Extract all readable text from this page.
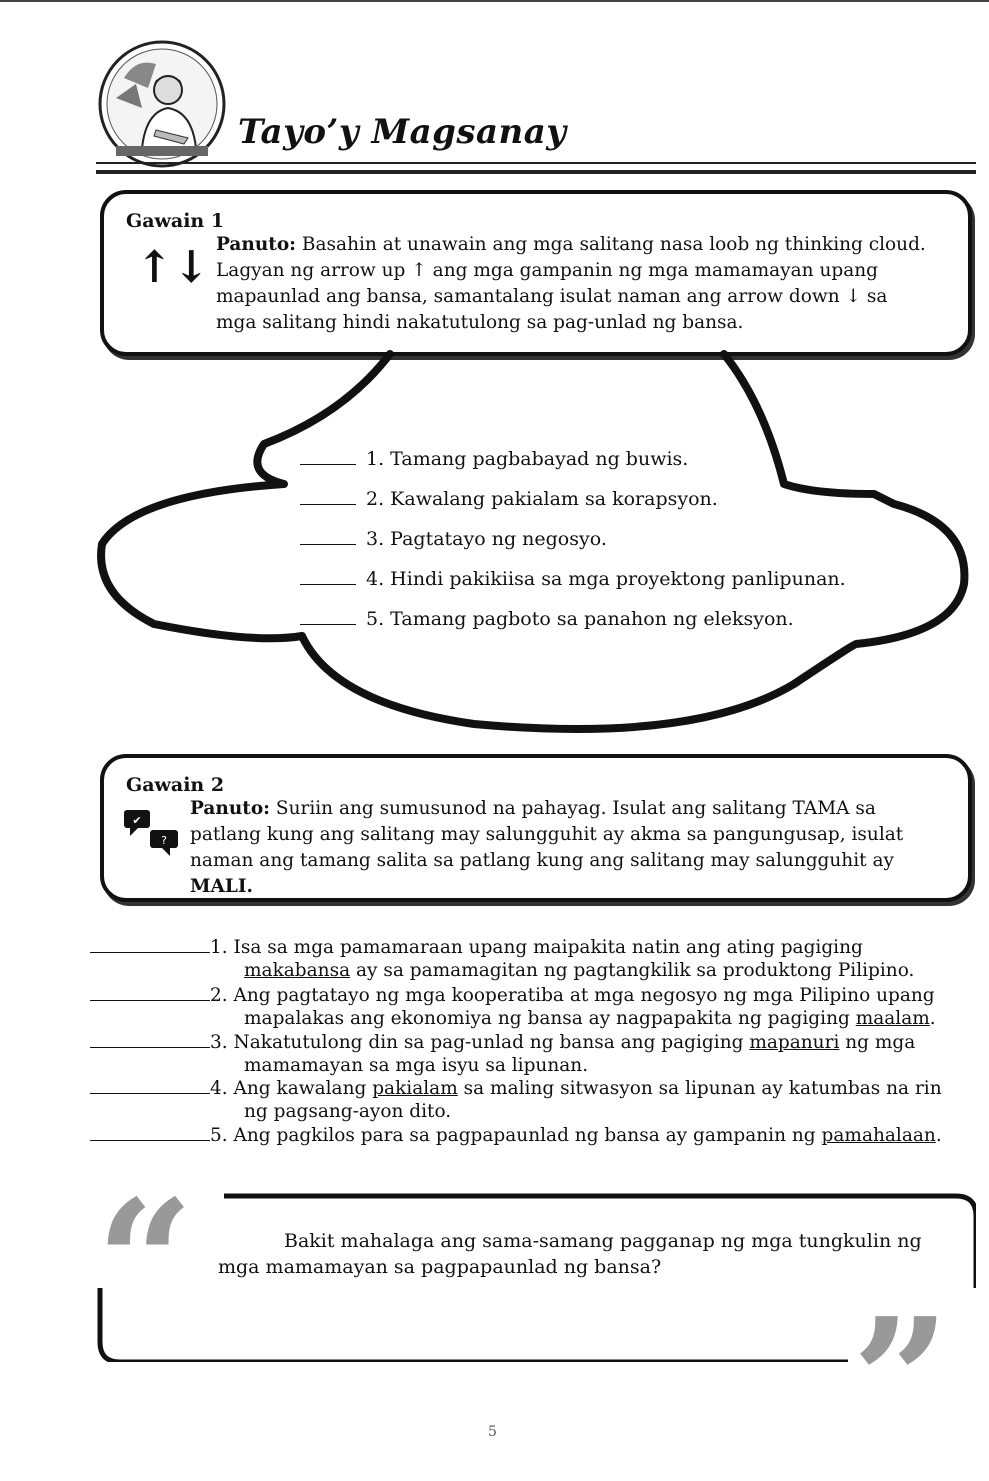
Tayo’y Magsanay
Gawain 1
↑↓ Panuto: Basahin at unawain ang mga salitang nasa loob ng thinking cloud.
Lagyan ng arrow up ↑ ang mga gampanin ng mga mamamayan upang
mapaunlad ang bansa, samantalang isulat naman ang arrow down ↓ sa
mga salitang hindi nakatutulong sa pag-unlad ng bansa.
1. Tamang pagbabayad ng buwis.
2. Kawalang pakialam sa korapsyon.
3. Pagtatayo ng negosyo.
4. Hindi pakikiisa sa mga proyektong panlipunan.
5. Tamang pagboto sa panahon ng eleksyon.
Gawain 2
✔
?
Panuto: Suriin ang sumusunod na pahayag. Isulat ang salitang TAMA sa
patlang kung ang salitang may salungguhit ay akma sa pangungusap, isulat
naman ang tamang salita sa patlang kung ang salitang may salungguhit ay
MALI.
1. Isa sa mga pamamaraan upang maipakita natin ang ating pagiging
makabansa ay sa pamamagitan ng pagtangkilik sa produktong Pilipino.
2. Ang pagtatayo ng mga kooperatiba at mga negosyo ng mga Pilipino upang
mapalakas ang ekonomiya ng bansa ay nagpapakita ng pagiging maalam.
3. Nakatutulong din sa pag-unlad ng bansa ang pagiging mapanuri ng mga
mamamayan sa mga isyu sa lipunan.
4. Ang kawalang pakialam sa maling sitwasyon sa lipunan ay katumbas na rin
ng pagsang-ayon dito.
5. Ang pagkilos para sa pagpapaunlad ng bansa ay gampanin ng pamahalaan.
“
”
Bakit mahalaga ang sama-samang pagganap ng mga tungkulin ng
mga mamamayan sa pagpapaunlad ng bansa?
5
